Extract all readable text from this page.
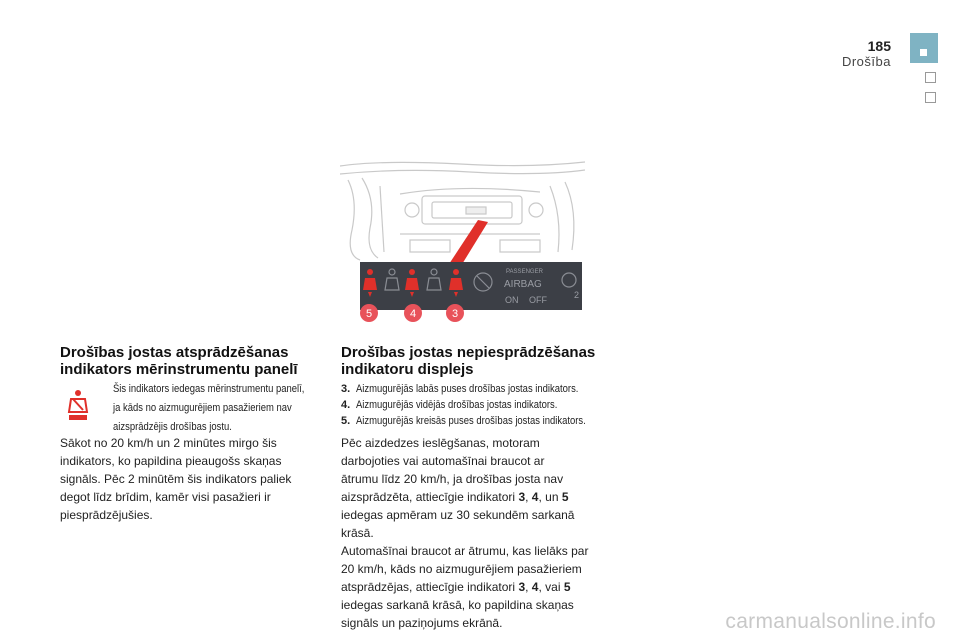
185
Drošība
PASSENGER
AIRBAG
ON OFF	2
5	4	3
Drošības jostas atsprādzēšanas
indikators mērinstrumentu panelī
Šis indikators iedegas mērinstrumentu panelī,
ja kāds no aizmugurējiem pasažieriem nav
aizsprādzējis drošības jostu.
Sākot no 20 km/h un 2 minūtes mirgo šis
indikators, ko papildina pieaugošs skaņas
signāls. Pēc 2 minūtēm šis indikators paliek
degot līdz brīdim, kamēr visi pasažieri ir
piesprādzējušies.
Drošības jostas nepiesprādzēšanas
indikatoru displejs
3. Aizmugurējās labās puses drošības jostas indikators.
4. Aizmugurējās vidējās drošības jostas indikators.
5. Aizmugurējās kreisās puses drošības jostas indikators.
Pēc aizdedzes ieslēgšanas, motoram
darbojoties vai automašīnai braucot ar
ātrumu līdz 20 km/h, ja drošības josta nav
aizsprādzēta, attiecīgie indikatori 3, 4, un 5
iedegas apmēram uz 30 sekundēm sarkanā
krāsā.
Automašīnai braucot ar ātrumu, kas lielāks par
20 km/h, kāds no aizmugurējiem pasažieriem
atsprādzējas, attiecīgie indikatori 3, 4, vai 5
iedegas sarkanā krāsā, ko papildina skaņas
signāls un paziņojums ekrānā.	carmanualsonline.info
